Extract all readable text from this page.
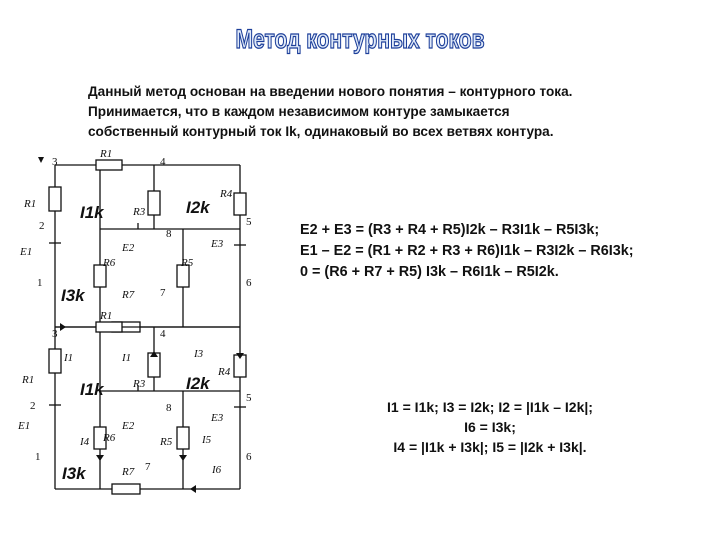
Метод контурных токов
Данный метод основан на введении нового понятия – контурного тока.
Принимается, что в каждом независимом контуре замыкается
собственный контурный ток Ik, одинаковый во всех ветвях контура.
E2 + E3 = (R3 + R4 + R5)I2k – R3I1k – R5I3k;
E1 – E2 = (R1 + R2 + R3 + R6)I1k – R3I2k – R6I3k;
0 = (R6 + R7 + R5) I3k – R6I1k – R5I2k.
I1 = I1k; I3 = I2k; I2 = |I1k – I2k|;
I6 = I3k;
I4 = |I1k + I3k|; I5 = |I2k + I3k|.
3	4
2
1
5
6
7
8
R1
R1
R3
R4
E1	E2	E3
R6	R5
R7
I1k	I2k
I3k
3	4
2
1
5
6
7
8
R1
R1
R3
R4
E1	E2
E3
R6	R5
R7
I1	I1	I3
I4	I5
I6
I1k	I2k
I3k
